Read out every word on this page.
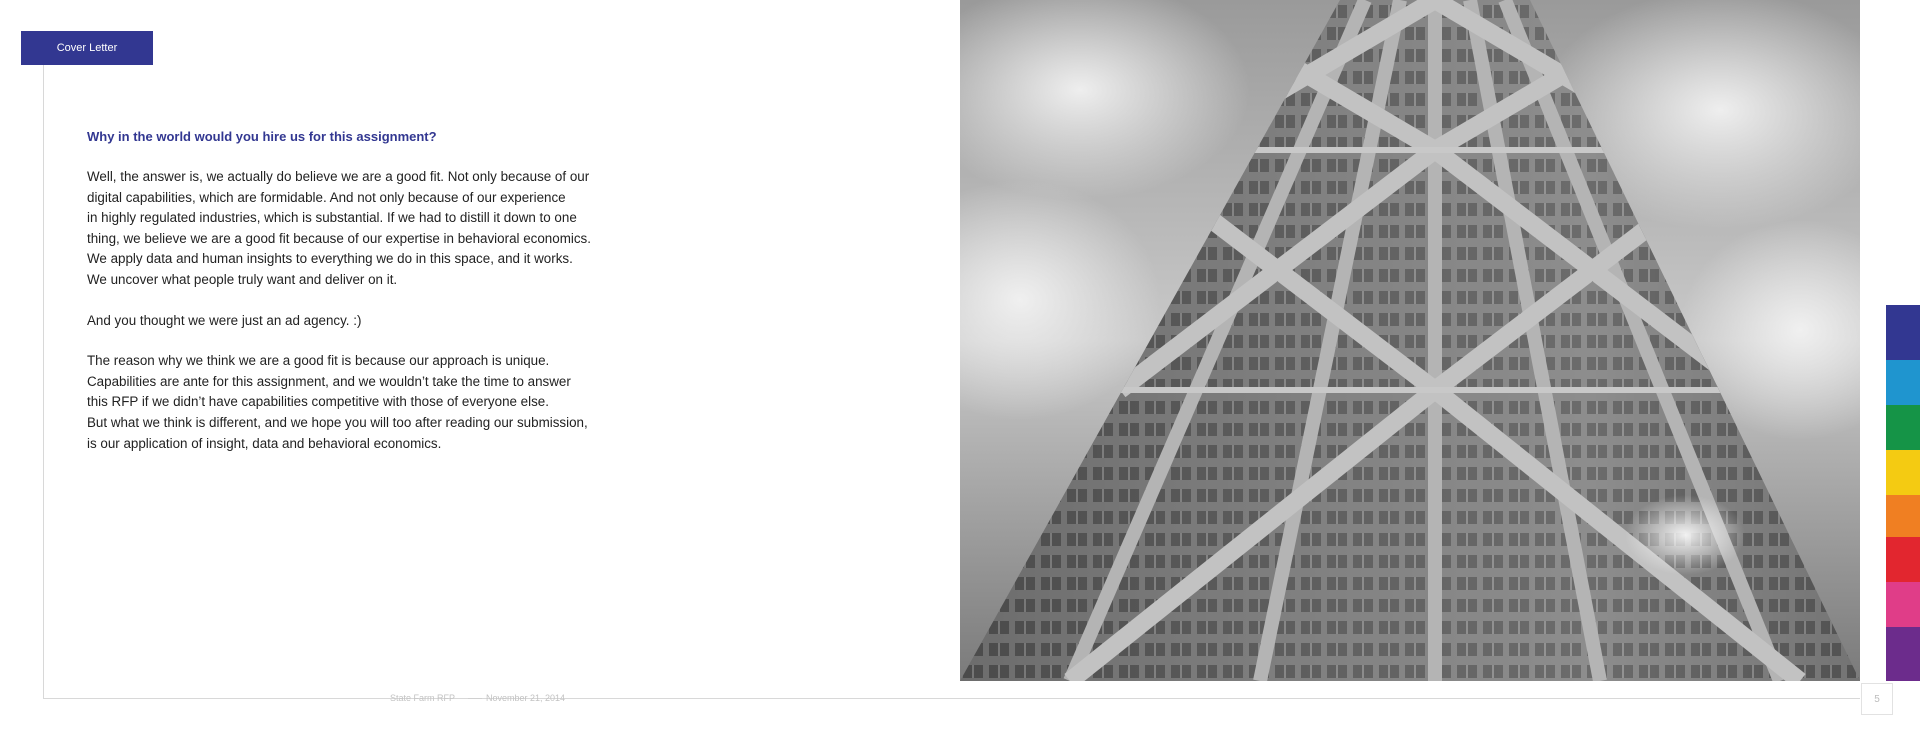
Cover Letter
Why in the world would you hire us for this assignment?

Well, the answer is, we actually do believe we are a good fit. Not only because of our
digital capabilities, which are formidable. And not only because of our experience
in highly regulated industries, which is substantial. If we had to distill it down to one
thing, we believe we are a good fit because of our expertise in behavioral economics.
We apply data and human insights to everything we do in this space, and it works.
We uncover what people truly want and deliver on it.

And you thought we were just an ad agency. :)

The reason why we think we are a good fit is because our approach is unique.
Capabilities are ante for this assignment, and we wouldn’t take the time to answer
this RFP if we didn’t have capabilities competitive with those of everyone else.
But what we think is different, and we hope you will too after reading our submission,
is our application of insight, data and behavioral economics.

State Farm RFP	November 21, 2014	5
